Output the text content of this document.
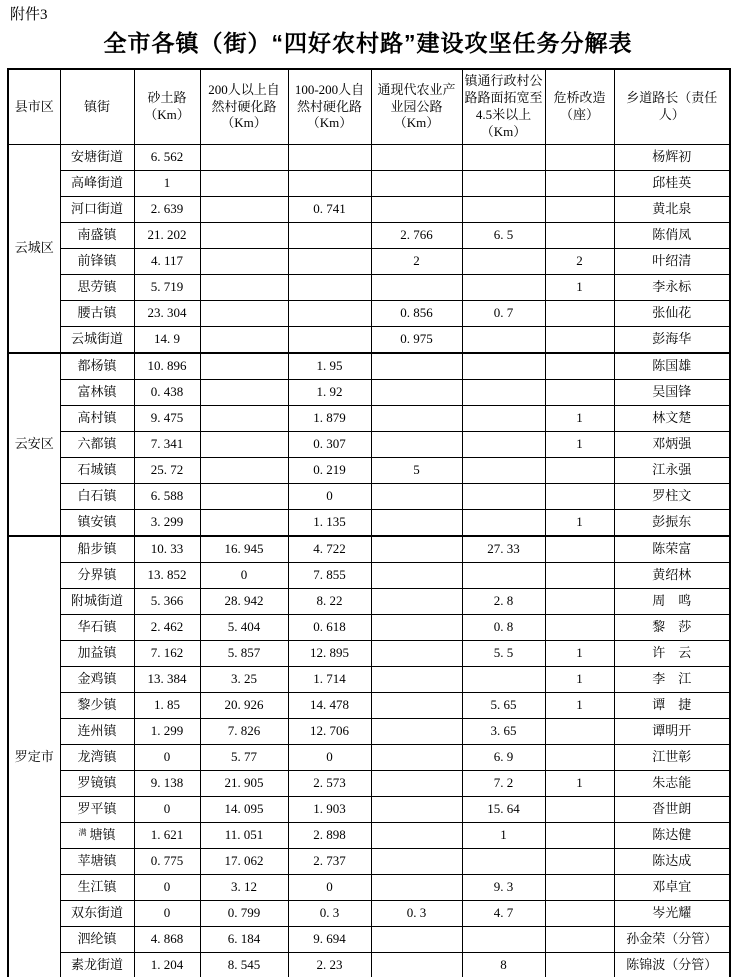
附件3
全市各镇（街）“四好农村路”建设攻坚任务分解表
县市区	镇街	砂土路（Km）	200人以上自然村硬化路（Km）	100-200人自然村硬化路（Km）	通现代农业产业园公路（Km）	镇通行政村公路路面拓宽至4.5米以上（Km）	危桥改造（座）	乡道路长（责任人）
云城区	安塘街道	6. 562						杨辉初
	高峰街道	1						邱桂英
	河口街道	2. 639		0. 741				黄北泉
	南盛镇	21. 202			2. 766	6. 5		陈俏凤
	前锋镇	4. 117			2		2	叶绍清
	思劳镇	5. 719					1	李永标
	腰古镇	23. 304			0. 856	0. 7		张仙花
	云城街道	14. 9			0. 975			彭海华
云安区	都杨镇	10. 896		1. 95				陈国雄
	富林镇	0. 438		1. 92				吴国锋
	高村镇	9. 475		1. 879			1	林文楚
	六都镇	7. 341		0. 307			1	邓炳强
	石城镇	25. 72		0. 219	5			江永强
	白石镇	6. 588		0				罗柱文
	镇安镇	3. 299		1. 135			1	彭振东
罗定市	船步镇	10. 33	16. 945	4. 722		27. 33		陈荣富
	分界镇	13. 852	0	7. 855				黄绍林
	附城街道	5. 366	28. 942	8. 22		2. 8		周　鸣
	华石镇	2. 462	5. 404	0. 618		0. 8		黎　莎
	加益镇	7. 162	5. 857	12. 895		5. 5	1	许　云
	金鸡镇	13. 384	3. 25	1. 714			1	李　江
	黎少镇	1. 85	20. 926	14. 478		5. 65	1	谭　捷
	连州镇	1. 299	7. 826	12. 706		3. 65		谭明开
	龙湾镇	0	5. 77	0		6. 9		江世彰
	罗镜镇	9. 138	21. 905	2. 573		7. 2	1	朱志能
	罗平镇	0	14. 095	1. 903		15. 64		沓世朗
	满 塘镇	1. 621	11. 051	2. 898		1		陈达健
	苹塘镇	0. 775	17. 062	2. 737				陈达成
	生江镇	0	3. 12	0		9. 3		邓卓宜
	双东街道	0	0. 799	0. 3	0. 3	4. 7		岑光耀
	泗纶镇	4. 868	6. 184	9. 694				孙金荣（分管）
	素龙街道	1. 204	8. 545	2. 23		8		陈锦波（分管）
